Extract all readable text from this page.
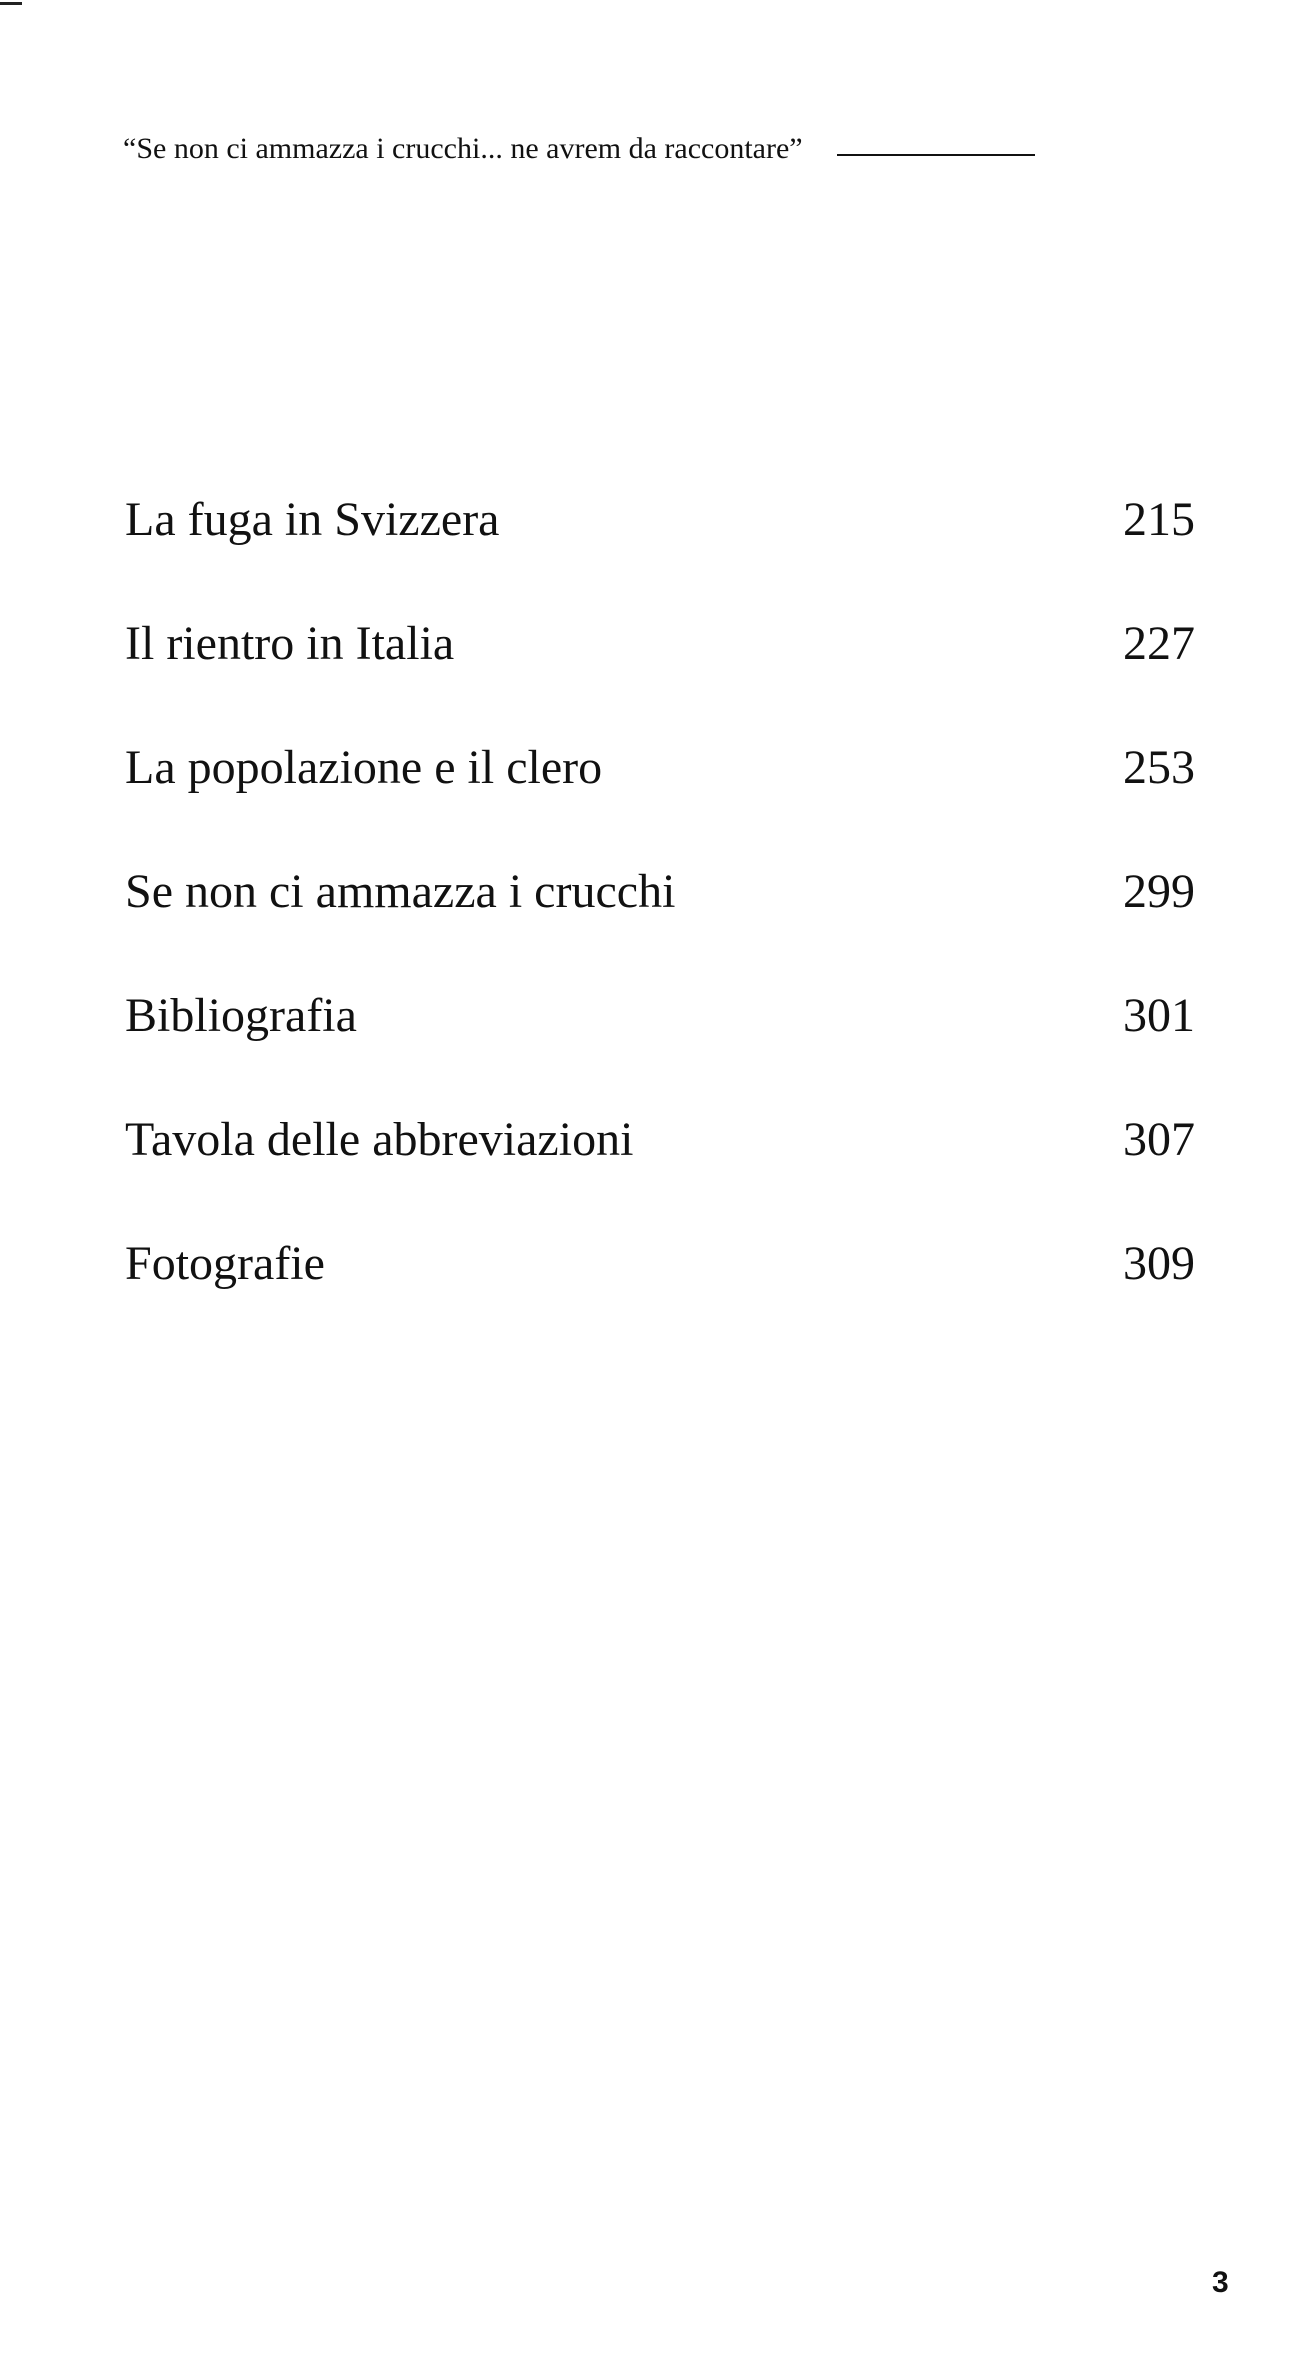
“Se non ci ammazza i crucchi... ne avrem da raccontare”
La fuga in Svizzera	215
Il rientro in Italia	227
La popolazione e il clero	253
Se non ci ammazza i crucchi	299
Bibliografia	301
Tavola delle abbreviazioni	307
Fotografie	309
3
